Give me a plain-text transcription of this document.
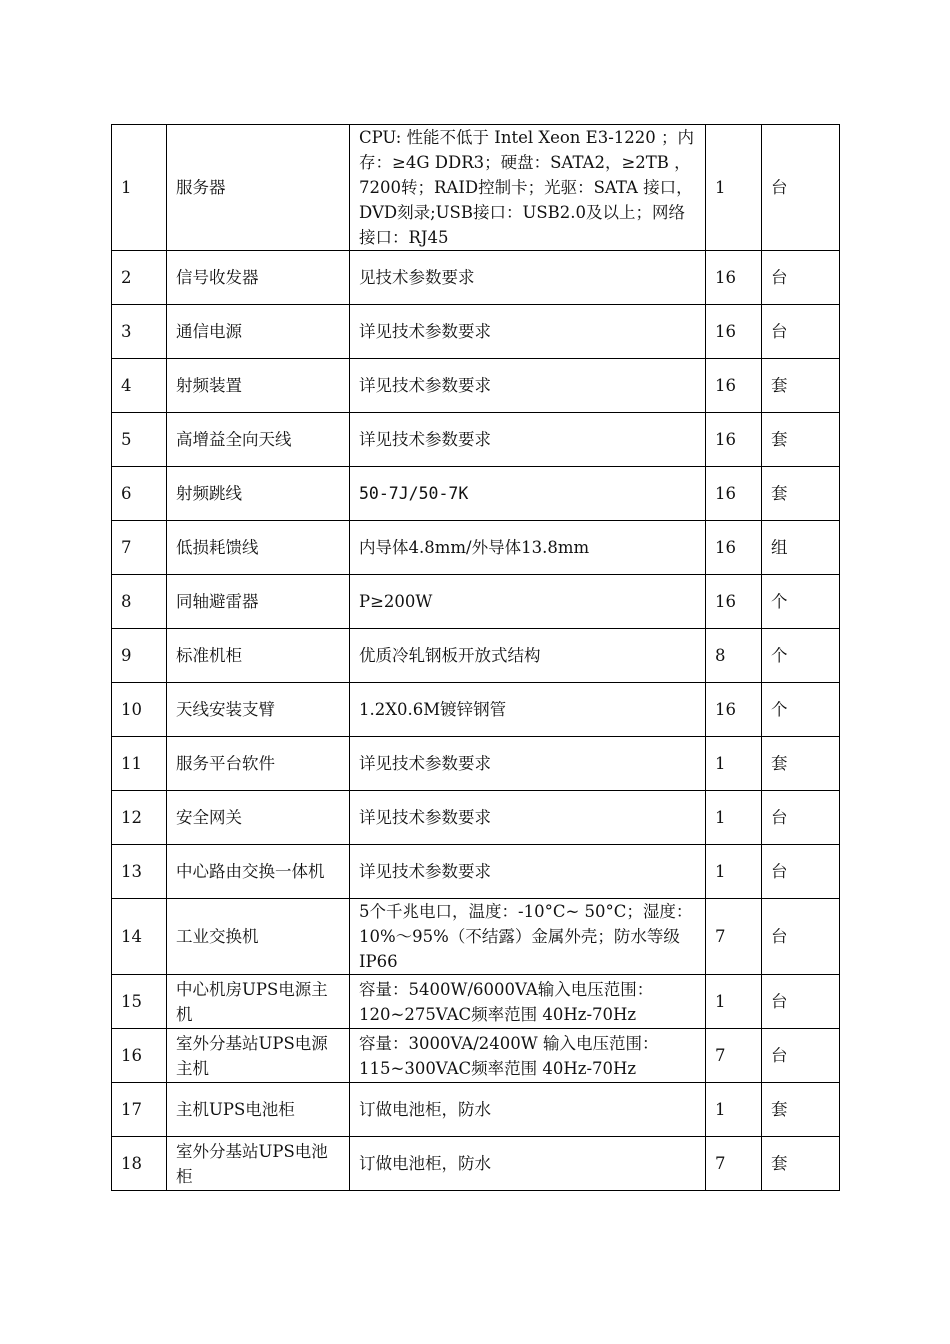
1	服务器	CPU: 性能不低于 Intel Xeon E3-1220 ；内存：≥4G DDR3；硬盘：SATA2，≥2TB ，7200转；RAID控制卡；光驱：SATA 接口，DVD刻录;USB接口：USB2.0及以上；网络接口：RJ45	1	台
2	信号收发器	见技术参数要求	16	台
3	通信电源	详见技术参数要求	16	台
4	射频装置	详见技术参数要求	16	套
5	高增益全向天线	详见技术参数要求	16	套
6	射频跳线	50-7J/50-7K	16	套
7	低损耗馈线	内导体4.8mm/外导体13.8mm	16	组
8	同轴避雷器	P≥200W	16	个
9	标准机柜	优质冷轧钢板开放式结构	8	个
10	天线安装支臂	1.2X0.6M镀锌钢管	16	个
11	服务平台软件	详见技术参数要求	1	套
12	安全网关	详见技术参数要求	1	台
13	中心路由交换一体机	详见技术参数要求	1	台
14	工业交换机	5个千兆电口，温度：-10°C~ 50°C；湿度：10%～95%（不结露）金属外壳；防水等级IP66	7	台
15	中心机房UPS电源主机	容量：5400W/6000VA输入电压范围：120~275VAC频率范围 40Hz-70Hz	1	台
16	室外分基站UPS电源主机	容量：3000VA/2400W 输入电压范围：115~300VAC频率范围 40Hz-70Hz	7	台
17	主机UPS电池柜	订做电池柜，防水	1	套
18	室外分基站UPS电池柜	订做电池柜，防水	7	套
